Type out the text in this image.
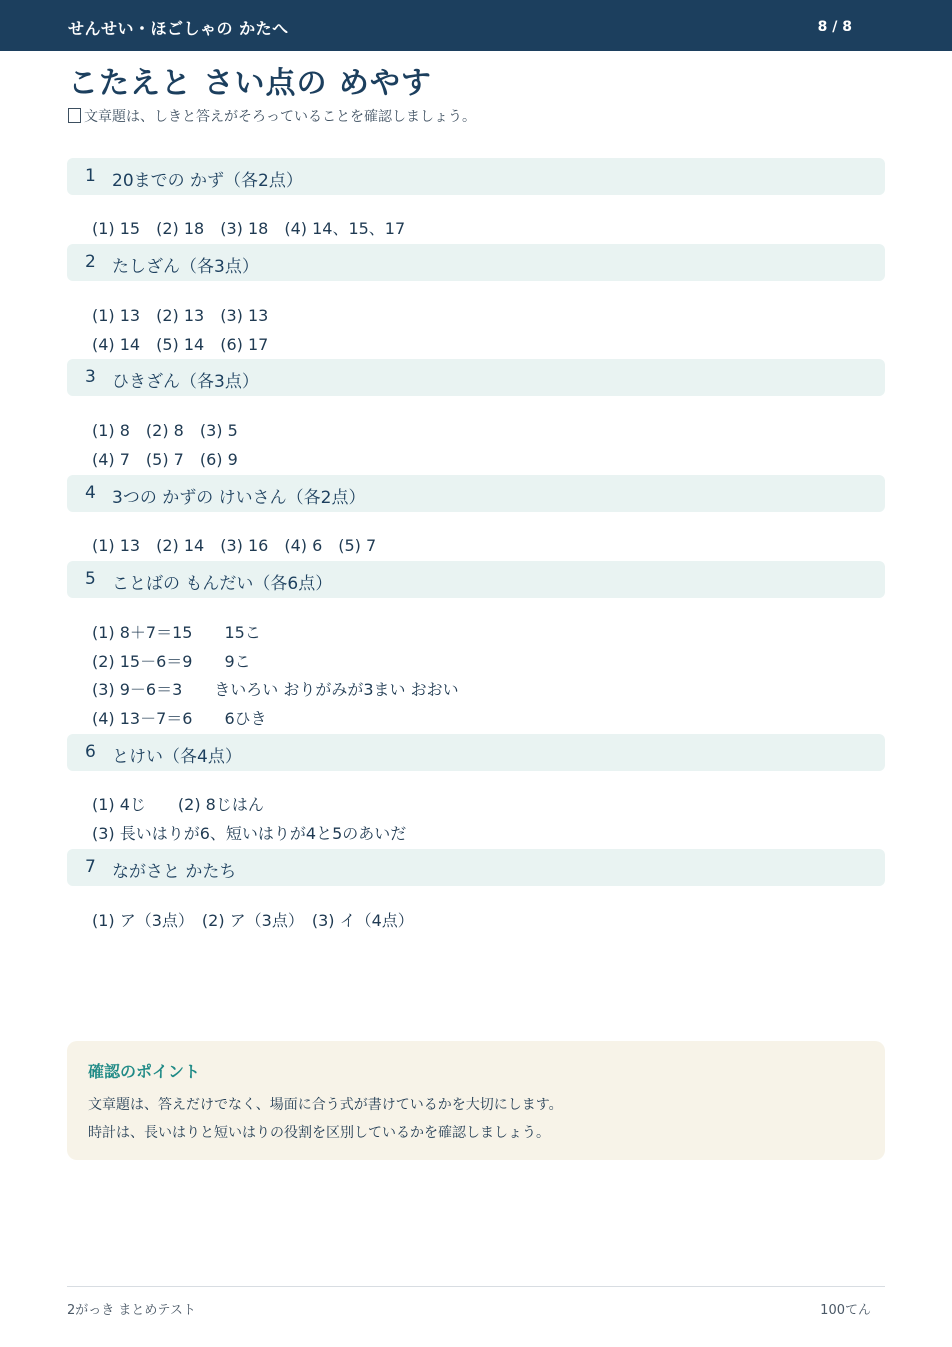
せんせい・ほごしゃの かたへ	8 / 8
こたえと さい点の めやす
文章題は、しきと答えがそろっていることを確認しましょう。
1 20までの かず（各2点）
(1) 15　(2) 18　(3) 18　(4) 14、15、17
2 たしざん（各3点）
(1) 13　(2) 13　(3) 13
(4) 14　(5) 14　(6) 17
3 ひきざん（各3点）
(1) 8　(2) 8　(3) 5
(4) 7　(5) 7　(6) 9
4 3つの かずの けいさん（各2点）
(1) 13　(2) 14　(3) 16　(4) 6　(5) 7
5 ことばの もんだい（各6点）
(1) 8＋7＝15　　15こ
(2) 15－6＝9　　9こ
(3) 9－6＝3　　きいろい おりがみが3まい おおい
(4) 13－7＝6　　6ひき
6 とけい（各4点）
(1) 4じ　　(2) 8じはん
(3) 長いはりが6、短いはりが4と5のあいだ
7 ながさと かたち
(1) ア（3点）　(2) ア（3点）　(3) イ（4点）
確認のポイント
文章題は、答えだけでなく、場面に合う式が書けているかを大切にします。
時計は、長いはりと短いはりの役割を区別しているかを確認しましょう。
2がっき まとめテスト	100てん
